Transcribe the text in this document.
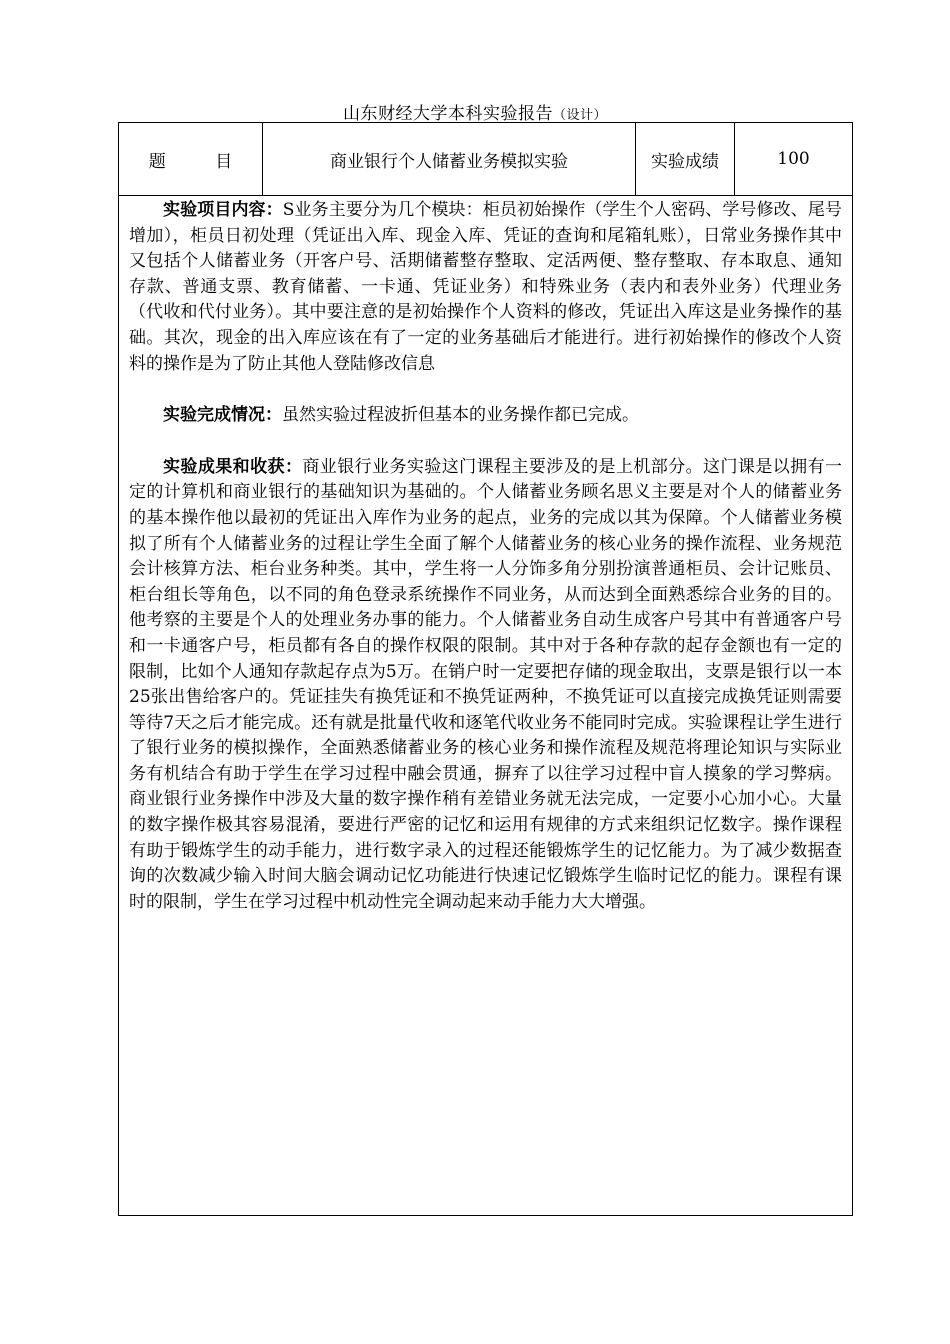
山东财经大学本科实验报告（设计）
题 目	商业银行个人储蓄业务模拟实验	实验成绩	100

实验项目内容：S业务主要分为几个模块：柜员初始操作（学生个人密码、学号修改、尾号增加），柜员日初处理（凭证出入库、现金入库、凭证的查询和尾箱轧账），日常业务操作其中又包括个人储蓄业务（开客户号、活期储蓄整存整取、定活两便、整存整取、存本取息、通知存款、普通支票、教育储蓄、一卡通、凭证业务）和特殊业务（表内和表外业务）代理业务（代收和代付业务）。其中要注意的是初始操作个人资料的修改，凭证出入库这是业务操作的基础。其次，现金的出入库应该在有了一定的业务基础后才能进行。进行初始操作的修改个人资料的操作是为了防止其他人登陆修改信息

实验完成情况：虽然实验过程波折但基本的业务操作都已完成。

实验成果和收获：商业银行业务实验这门课程主要涉及的是上机部分。这门课是以拥有一定的计算机和商业银行的基础知识为基础的。个人储蓄业务顾名思义主要是对个人的储蓄业务的基本操作他以最初的凭证出入库作为业务的起点，业务的完成以其为保障。个人储蓄业务模拟了所有个人储蓄业务的过程让学生全面了解个人储蓄业务的核心业务的操作流程、业务规范会计核算方法、柜台业务种类。其中，学生将一人分饰多角分别扮演普通柜员、会计记账员、柜台组长等角色，以不同的角色登录系统操作不同业务，从而达到全面熟悉综合业务的目的。他考察的主要是个人的处理业务办事的能力。个人储蓄业务自动生成客户号其中有普通客户号和一卡通客户号，柜员都有各自的操作权限的限制。其中对于各种存款的起存金额也有一定的限制，比如个人通知存款起存点为5万。在销户时一定要把存储的现金取出，支票是银行以一本25张出售给客户的。凭证挂失有换凭证和不换凭证两种，不换凭证可以直接完成换凭证则需要等待7天之后才能完成。还有就是批量代收和逐笔代收业务不能同时完成。实验课程让学生进行了银行业务的模拟操作，全面熟悉储蓄业务的核心业务和操作流程及规范将理论知识与实际业务有机结合有助于学生在学习过程中融会贯通，摒弃了以往学习过程中盲人摸象的学习弊病。商业银行业务操作中涉及大量的数字操作稍有差错业务就无法完成，一定要小心加小心。大量的数字操作极其容易混淆，要进行严密的记忆和运用有规律的方式来组织记忆数字。操作课程有助于锻炼学生的动手能力，进行数字录入的过程还能锻炼学生的记忆能力。为了减少数据查询的次数减少输入时间大脑会调动记忆功能进行快速记忆锻炼学生临时记忆的能力。课程有课时的限制，学生在学习过程中机动性完全调动起来动手能力大大增强。
